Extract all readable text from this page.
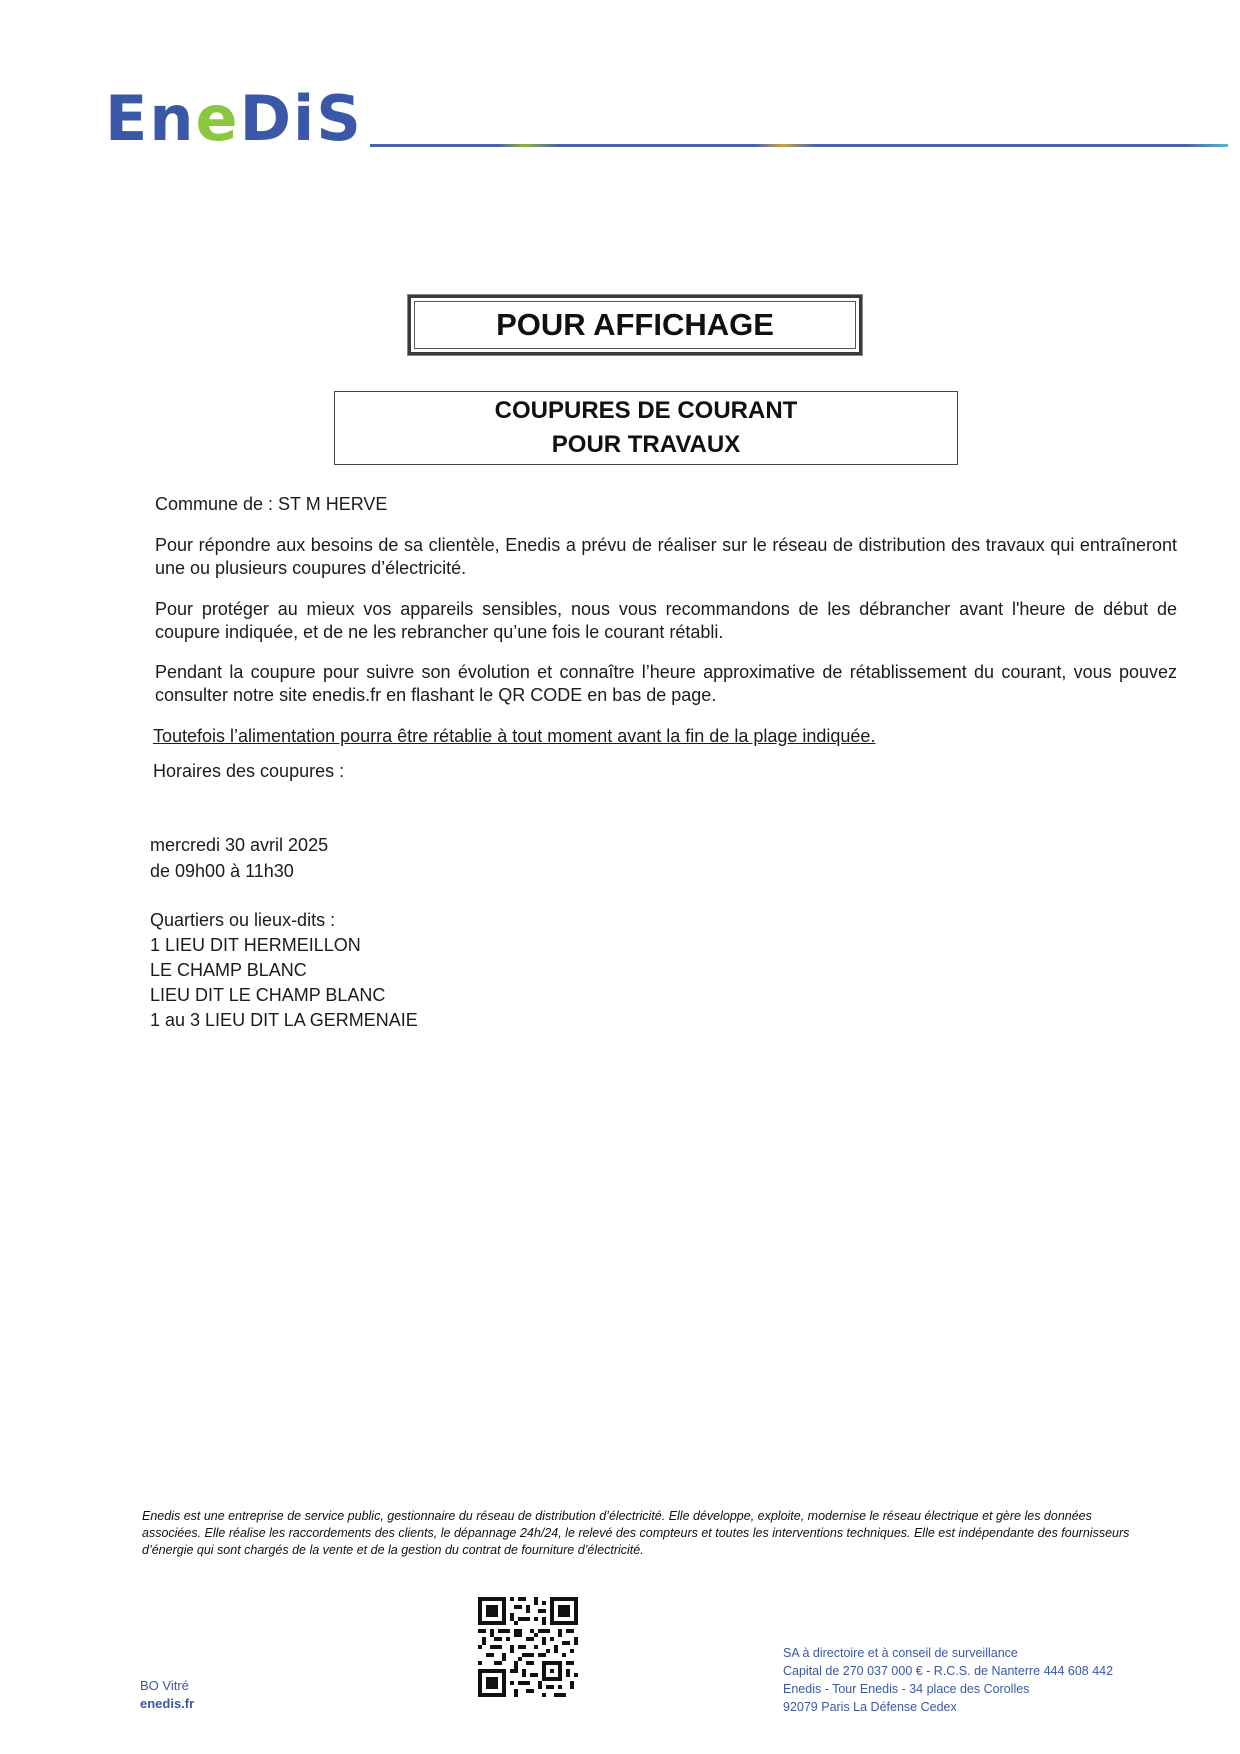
EneDiS
POUR AFFICHAGE
COUPURES DE COURANT
POUR TRAVAUX
Commune de : ST M HERVE
Pour répondre aux besoins de sa clientèle, Enedis a prévu de réaliser sur le réseau de distribution des travaux qui entraîneront une ou plusieurs coupures d’électricité.
Pour protéger au mieux vos appareils sensibles, nous vous recommandons de les débrancher avant l'heure de début de coupure indiquée, et de ne les rebrancher qu’une fois le courant rétabli.
Pendant la coupure pour suivre son évolution et connaître l’heure approximative de rétablissement du courant, vous pouvez consulter notre site enedis.fr en flashant le QR CODE en bas de page.
Toutefois l’alimentation pourra être rétablie à tout moment avant la fin de la plage indiquée.
Horaires des coupures :
mercredi 30 avril 2025
de 09h00 à 11h30
Quartiers ou lieux-dits :
1 LIEU DIT HERMEILLON
LE CHAMP BLANC
LIEU DIT LE CHAMP BLANC
1 au 3 LIEU DIT LA GERMENAIE
Enedis est une entreprise de service public, gestionnaire du réseau de distribution d’électricité. Elle développe, exploite, modernise le réseau électrique et gère les données associées. Elle réalise les raccordements des clients, le dépannage 24h/24, le relevé des compteurs et toutes les interventions techniques. Elle est indépendante des fournisseurs d’énergie qui sont chargés de la vente et de la gestion du contrat de fourniture d’électricité.
BO Vitré
enedis.fr
SA à directoire et à conseil de surveillance
Capital de 270 037 000 € - R.C.S. de Nanterre 444 608 442
Enedis - Tour Enedis - 34 place des Corolles
92079 Paris La Défense Cedex
